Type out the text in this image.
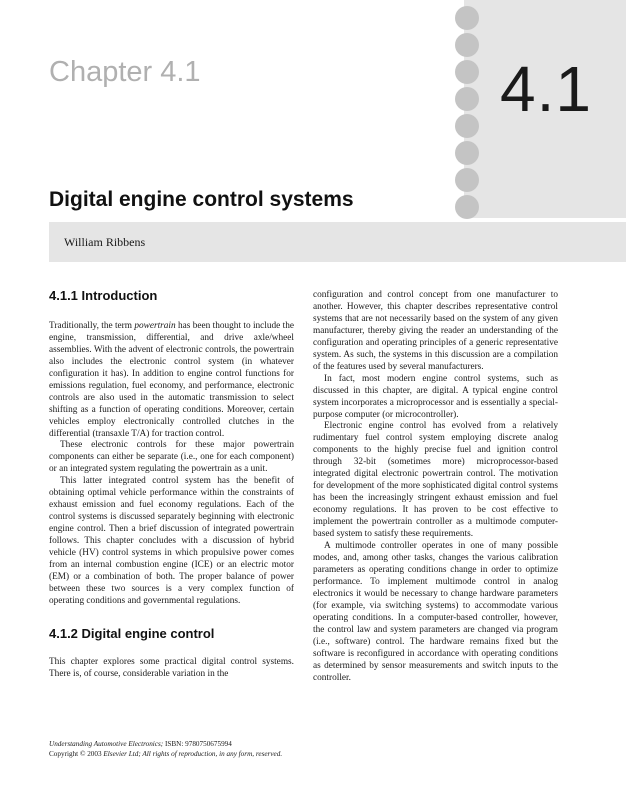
4.1
Chapter 4.1
Digital engine control systems
William Ribbens
4.1.1 Introduction

Traditionally, the term powertrain has been thought to include the engine, transmission, differential, and drive axle/wheel assemblies. With the advent of electronic controls, the powertrain also includes the electronic control system (in whatever configuration it has). In addition to engine control functions for emissions regulation, fuel economy, and performance, electronic controls are also used in the automatic transmission to select shifting as a function of operating conditions. Moreover, certain vehicles employ electronically controlled clutches in the differential (transaxle T/A) for traction control.

These electronic controls for these major powertrain components can either be separate (i.e., one for each component) or an integrated system regulating the powertrain as a unit.

This latter integrated control system has the benefit of obtaining optimal vehicle performance within the constraints of exhaust emission and fuel economy regulations. Each of the control systems is discussed separately beginning with electronic engine control. Then a brief discussion of integrated powertrain follows. This chapter concludes with a discussion of hybrid vehicle (HV) control systems in which propulsive power comes from an internal combustion engine (ICE) or an electric motor (EM) or a combination of both. The proper balance of power between these two sources is a very complex function of operating conditions and governmental regulations.

4.1.2 Digital engine control

This chapter explores some practical digital control systems. There is, of course, considerable variation in the

configuration and control concept from one manufacturer to another. However, this chapter describes representative control systems that are not necessarily based on the system of any given manufacturer, thereby giving the reader an understanding of the configuration and operating principles of a generic representative system. As such, the systems in this discussion are a compilation of the features used by several manufacturers.

In fact, most modern engine control systems, such as discussed in this chapter, are digital. A typical engine control system incorporates a microprocessor and is essentially a special-purpose computer (or microcontroller).

Electronic engine control has evolved from a relatively rudimentary fuel control system employing discrete analog components to the highly precise fuel and ignition control through 32-bit (sometimes more) microprocessor-based integrated digital electronic powertrain control. The motivation for development of the more sophisticated digital control systems has been the increasingly stringent exhaust emission and fuel economy regulations. It has proven to be cost effective to implement the powertrain controller as a multimode computer-based system to satisfy these requirements.

A multimode controller operates in one of many possible modes, and, among other tasks, changes the various calibration parameters as operating conditions change in order to optimize performance. To implement multimode control in analog electronics it would be necessary to change hardware parameters (for example, via switching systems) to accommodate various operating conditions. In a computer-based controller, however, the control law and system parameters are changed via program (i.e., software) control. The hardware remains fixed but the software is reconfigured in accordance with operating conditions as determined by sensor measurements and switch inputs to the controller.

Understanding Automotive Electronics; ISBN: 9780750675994
Copyright © 2003 Elsevier Ltd; All rights of reproduction, in any form, reserved.
